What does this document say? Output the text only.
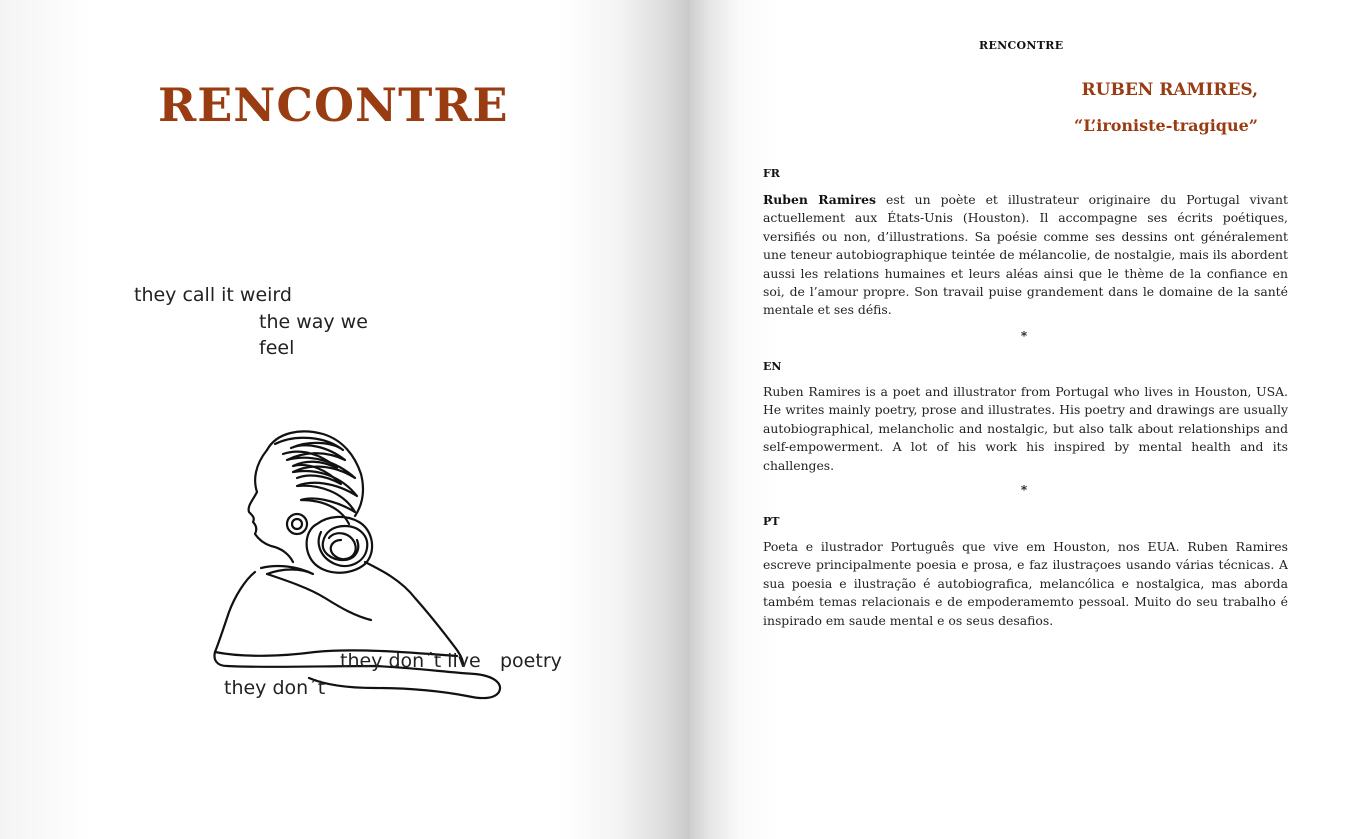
RENCONTRE

they call it weird

the way we

feel

they don´t live poetry

they don´t

RENCONTRE

RUBEN RAMIRES,
“L’ironiste-tragique”

FR

Ruben Ramires est un poète et illustrateur originaire du Portugal vivant actuellement aux États-Unis (Houston). Il accompagne ses écrits poétiques, versifiés ou non, d’illustrations. Sa poésie comme ses dessins ont généralement une teneur autobiographique teintée de mélancolie, de nostalgie, mais ils abordent aussi les relations humaines et leurs aléas ainsi que le thème de la confiance en soi, de l’amour propre. Son travail puise grandement dans le domaine de la santé mentale et ses défis.

*

EN

Ruben Ramires is a poet and illustrator from Portugal who lives in Houston, USA. He writes mainly poetry, prose and illustrates. His poetry and drawings are usually autobiographical, melancholic and nostalgic, but also talk about relationships and self-empowerment. A lot of his work his inspired by mental health and its challenges.

*

PT

Poeta e ilustrador Português que vive em Houston, nos EUA. Ruben Ramires escreve principalmente poesia e prosa, e faz ilustraçoes usando várias técnicas. A sua poesia e ilustração é autobiografica, melancólica e nostalgica, mas aborda também temas relacionais e de empoderamemto pessoal. Muito do seu trabalho é inspirado em saude mental e os seus desafios.
